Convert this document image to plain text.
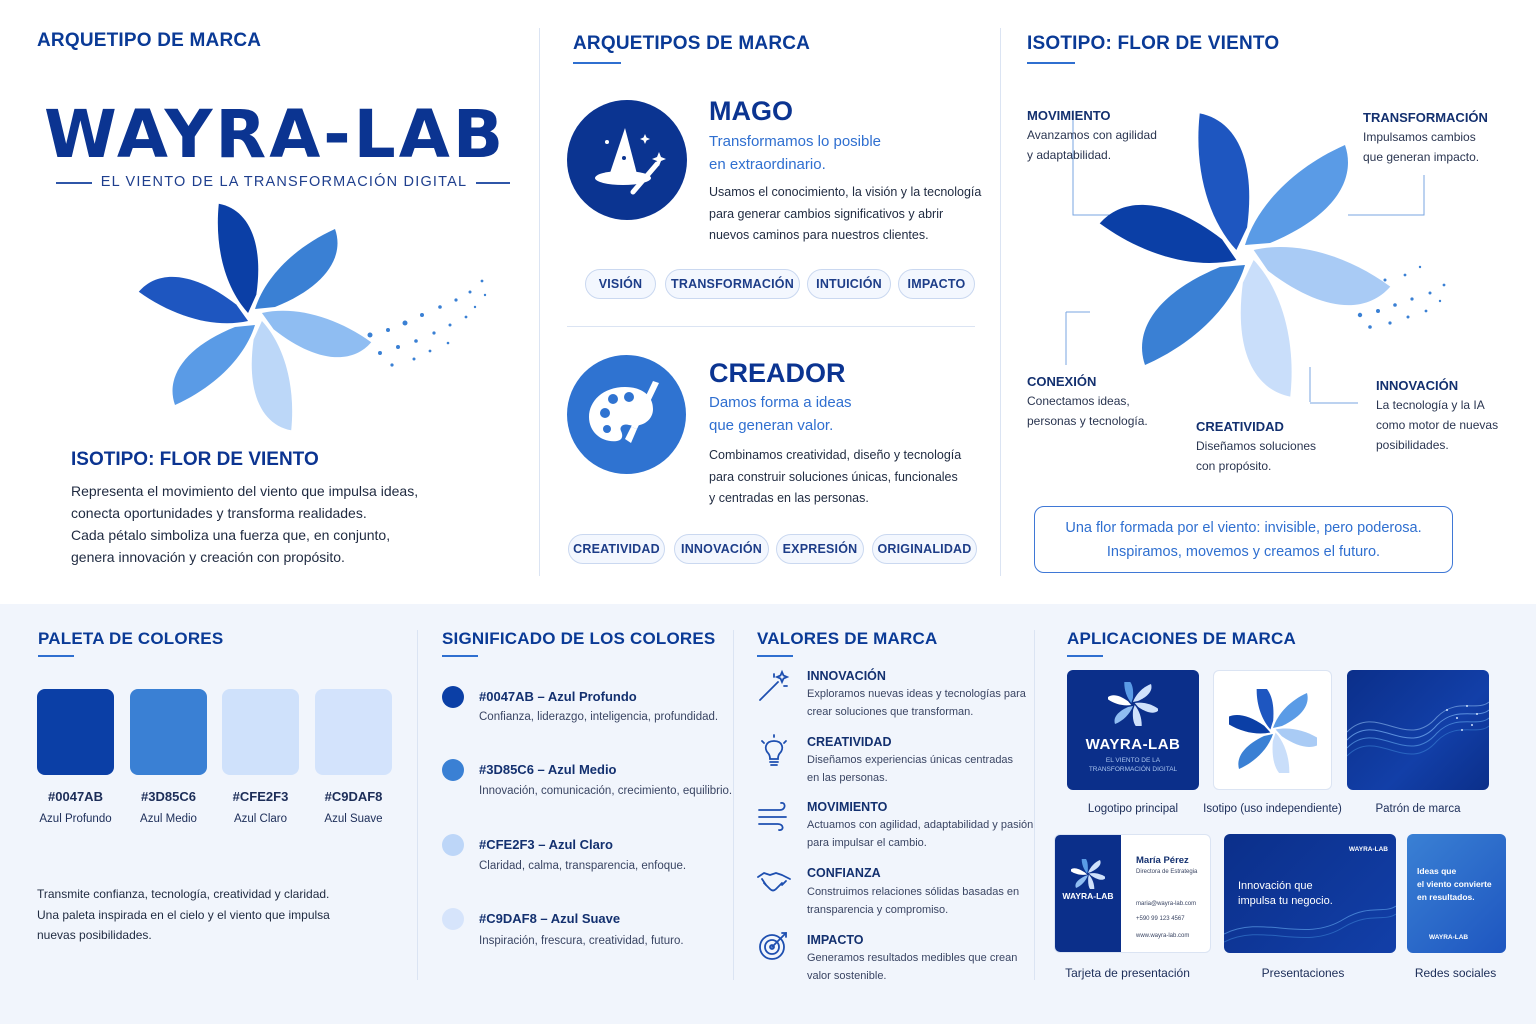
ARQUETIPO DE MARCA
WAYRA-LAB
EL VIENTO DE LA TRANSFORMACIÓN DIGITAL
ISOTIPO: FLOR DE VIENTO
Representa el movimiento del viento que impulsa ideas,
conecta oportunidades y transforma realidades.
Cada pétalo simboliza una fuerza que, en conjunto,
genera innovación y creación con propósito.
ARQUETIPOS DE MARCA
MAGO
Transformamos lo posible
en extraordinario.
Usamos el conocimiento, la visión y la tecnología
para generar cambios significativos y abrir
nuevos caminos para nuestros clientes.
VISIÓN	TRANSFORMACIÓN	INTUICIÓN	IMPACTO
CREADOR
Damos forma a ideas
que generan valor.
Combinamos creatividad, diseño y tecnología
para construir soluciones únicas, funcionales
y centradas en las personas.
CREATIVIDAD	INNOVACIÓN	EXPRESIÓN	ORIGINALIDAD
ISOTIPO: FLOR DE VIENTO
MOVIMIENTO
Avanzamos con agilidad
y adaptabilidad.
TRANSFORMACIÓN
Impulsamos cambios
que generan impacto.
CONEXIÓN
Conectamos ideas,
personas y tecnología.	CREATIVIDAD
Diseñamos soluciones
con propósito.
INNOVACIÓN
La tecnología y la IA
como motor de nuevas
posibilidades.
Una flor formada por el viento: invisible, pero poderosa.
Inspiramos, movemos y creamos el futuro.
PALETA DE COLORES
#0047AB	#3D85C6	#CFE2F3	#C9DAF8
Azul Profundo	Azul Medio	Azul Claro	Azul Suave
Transmite confianza, tecnología, creatividad y claridad.
Una paleta inspirada en el cielo y el viento que impulsa
nuevas posibilidades.
SIGNIFICADO DE LOS COLORES
#0047AB – Azul Profundo
Confianza, liderazgo, inteligencia, profundidad.
#3D85C6 – Azul Medio
Innovación, comunicación, crecimiento, equilibrio.
#CFE2F3 – Azul Claro
Claridad, calma, transparencia, enfoque.
#C9DAF8 – Azul Suave
Inspiración, frescura, creatividad, futuro.
VALORES DE MARCA
INNOVACIÓN
Exploramos nuevas ideas y tecnologías para
crear soluciones que transforman.
CREATIVIDAD
Diseñamos experiencias únicas centradas
en las personas.
MOVIMIENTO
Actuamos con agilidad, adaptabilidad y pasión
para impulsar el cambio.
CONFIANZA
Construimos relaciones sólidas basadas en
transparencia y compromiso.
IMPACTO
Generamos resultados medibles que crean
valor sostenible.
APLICACIONES DE MARCA
WAYRA-LAB
EL VIENTO DE LA
TRANSFORMACIÓN DIGITAL
Logotipo principal	Isotipo (uso independiente)	Patrón de marca
WAYRA-LAB
María Pérez
Directora de Estrategia
maria@wayra-lab.com
+590 99 123 4567
www.wayra-lab.com
WAYRA-LAB
Innovación que
impulsa tu negocio.
Ideas que
el viento convierte
en resultados.
WAYRA-LAB
Tarjeta de presentación	Presentaciones	Redes sociales
